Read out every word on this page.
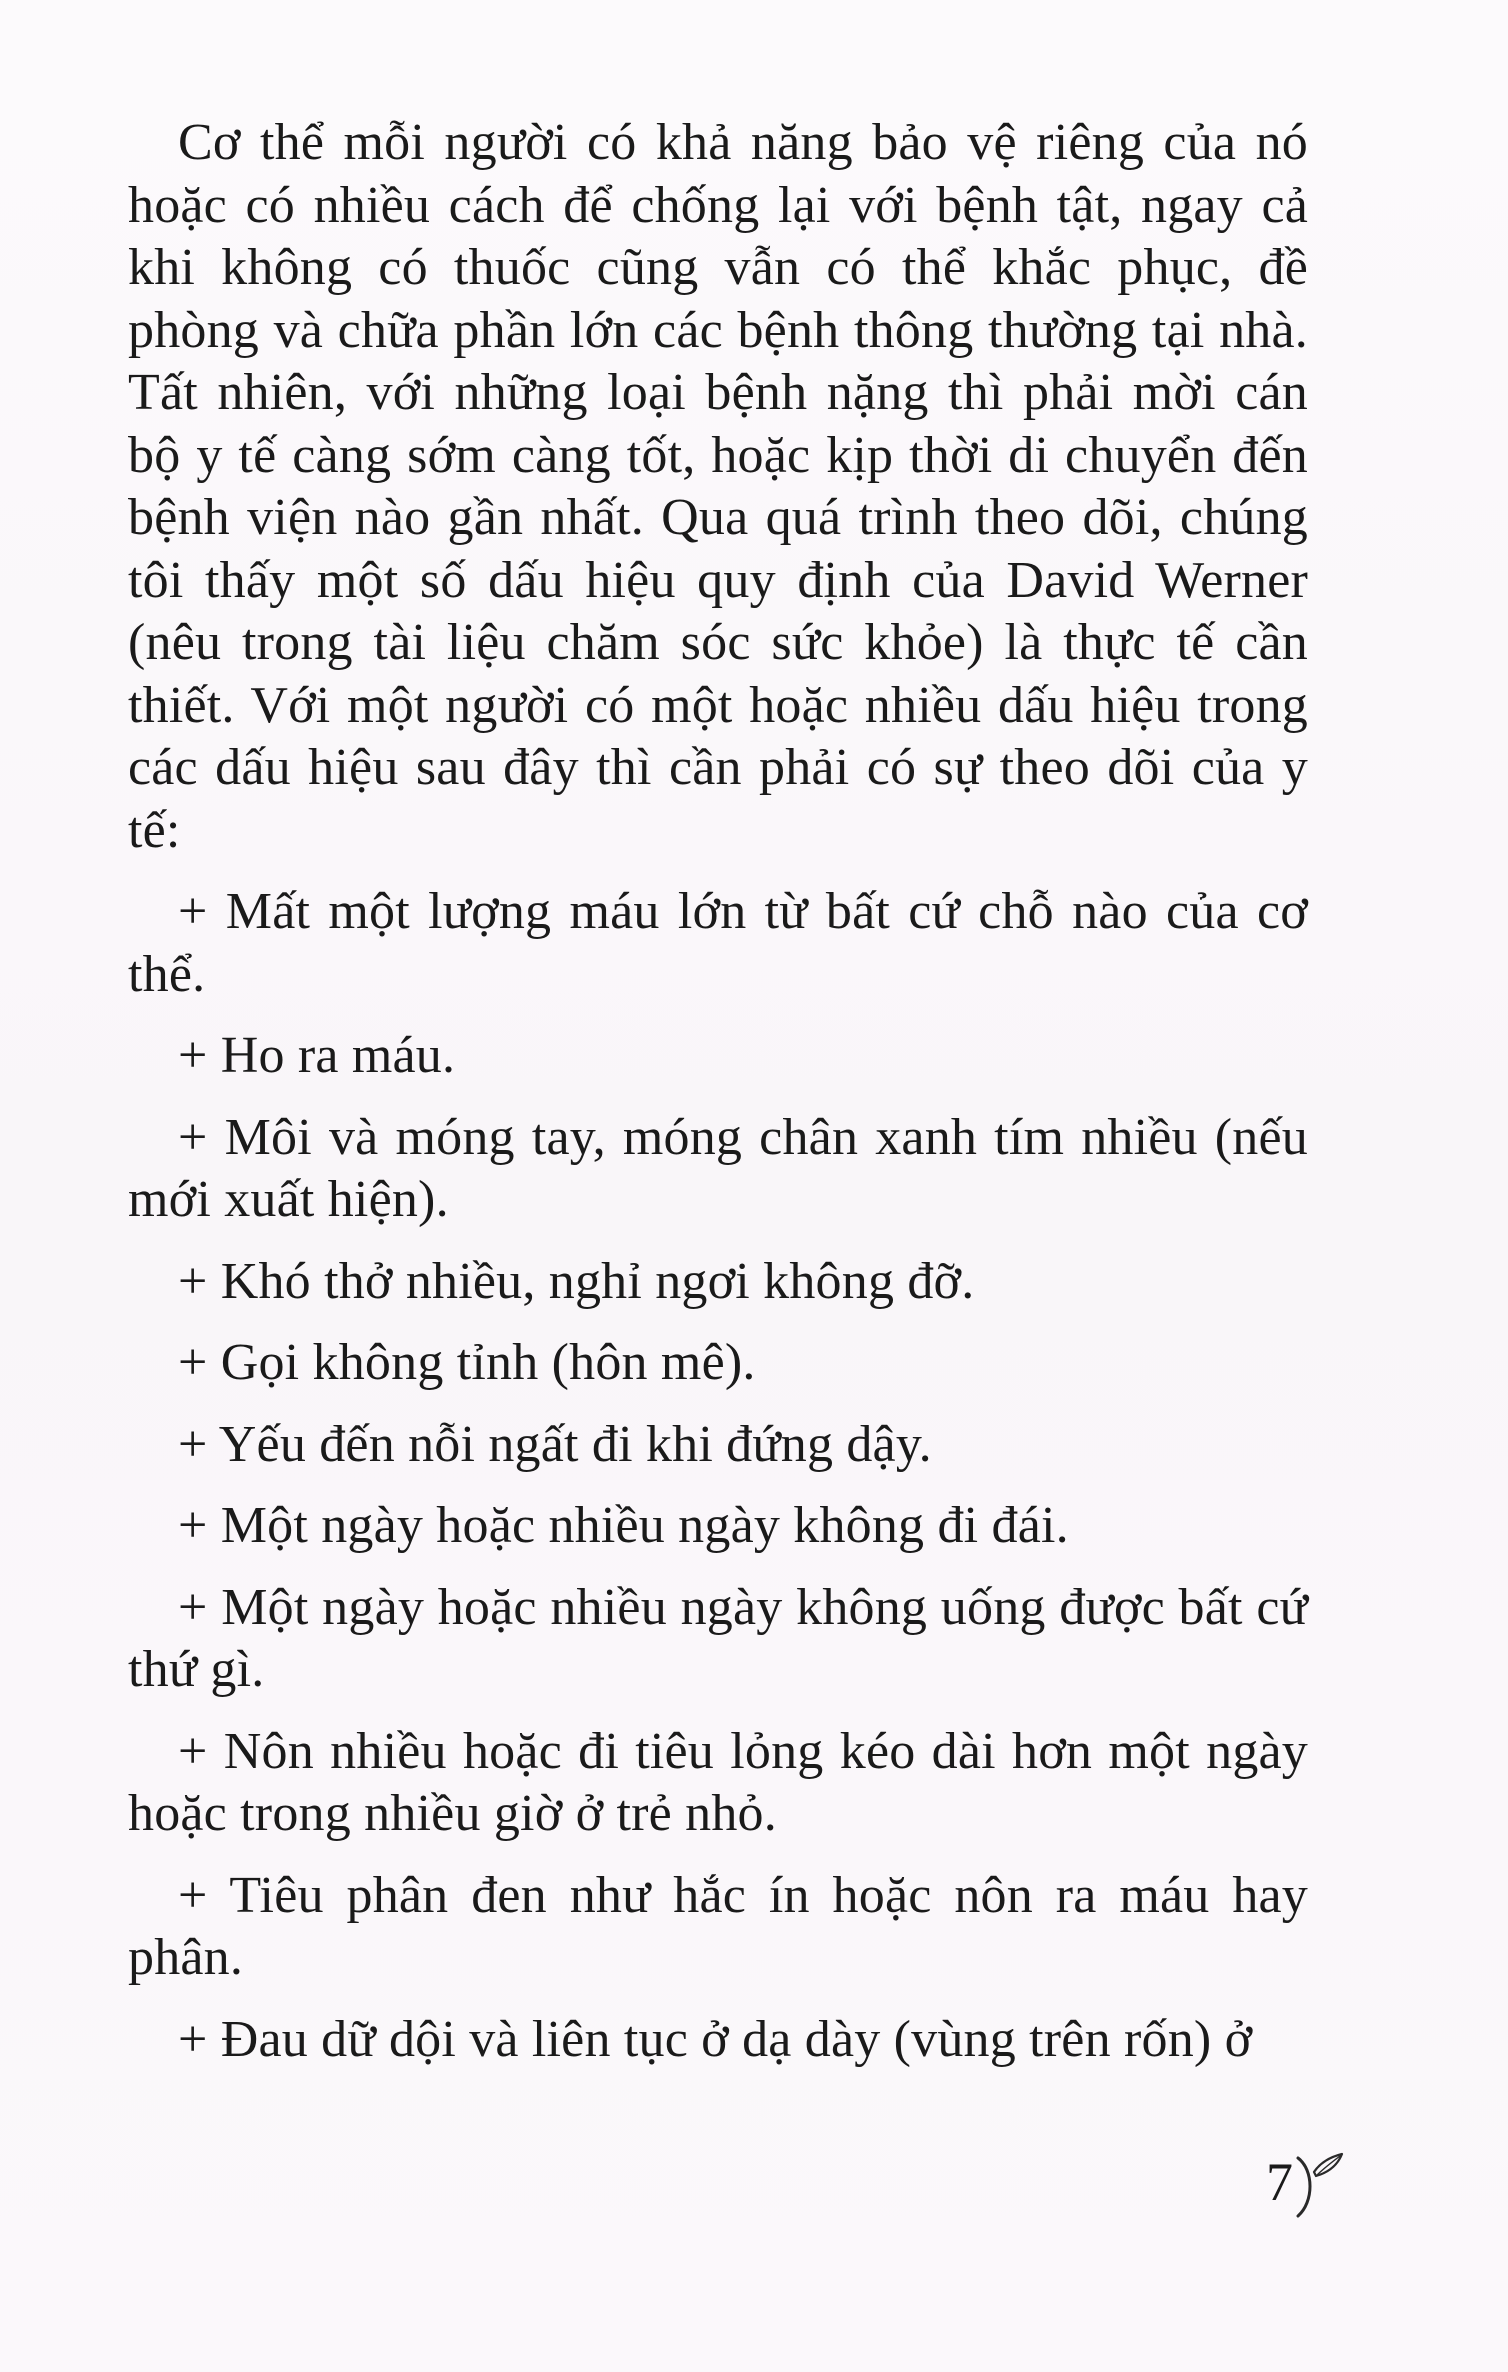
Cơ thể mỗi người có khả năng bảo vệ riêng của nó hoặc có nhiều cách để chống lại với bệnh tật, ngay cả khi không có thuốc cũng vẫn có thể khắc phục, đề phòng và chữa phần lớn các bệnh thông thường tại nhà. Tất nhiên, với những loại bệnh nặng thì phải mời cán bộ y tế càng sớm càng tốt, hoặc kịp thời di chuyển đến bệnh viện nào gần nhất. Qua quá trình theo dõi, chúng tôi thấy một số dấu hiệu quy định của David Werner (nêu trong tài liệu chăm sóc sức khỏe) là thực tế cần thiết. Với một người có một hoặc nhiều dấu hiệu trong các dấu hiệu sau đây thì cần phải có sự theo dõi của y tế:

+ Mất một lượng máu lớn từ bất cứ chỗ nào của cơ thể.
+ Ho ra máu.
+ Môi và móng tay, móng chân xanh tím nhiều (nếu mới xuất hiện).
+ Khó thở nhiều, nghỉ ngơi không đỡ.
+ Gọi không tỉnh (hôn mê).
+ Yếu đến nỗi ngất đi khi đứng dậy.
+ Một ngày hoặc nhiều ngày không đi đái.
+ Một ngày hoặc nhiều ngày không uống được bất cứ thứ gì.
+ Nôn nhiều hoặc đi tiêu lỏng kéo dài hơn một ngày hoặc trong nhiều giờ ở trẻ nhỏ.
+ Tiêu phân đen như hắc ín hoặc nôn ra máu hay phân.
+ Đau dữ dội và liên tục ở dạ dày (vùng trên rốn) ở
7
